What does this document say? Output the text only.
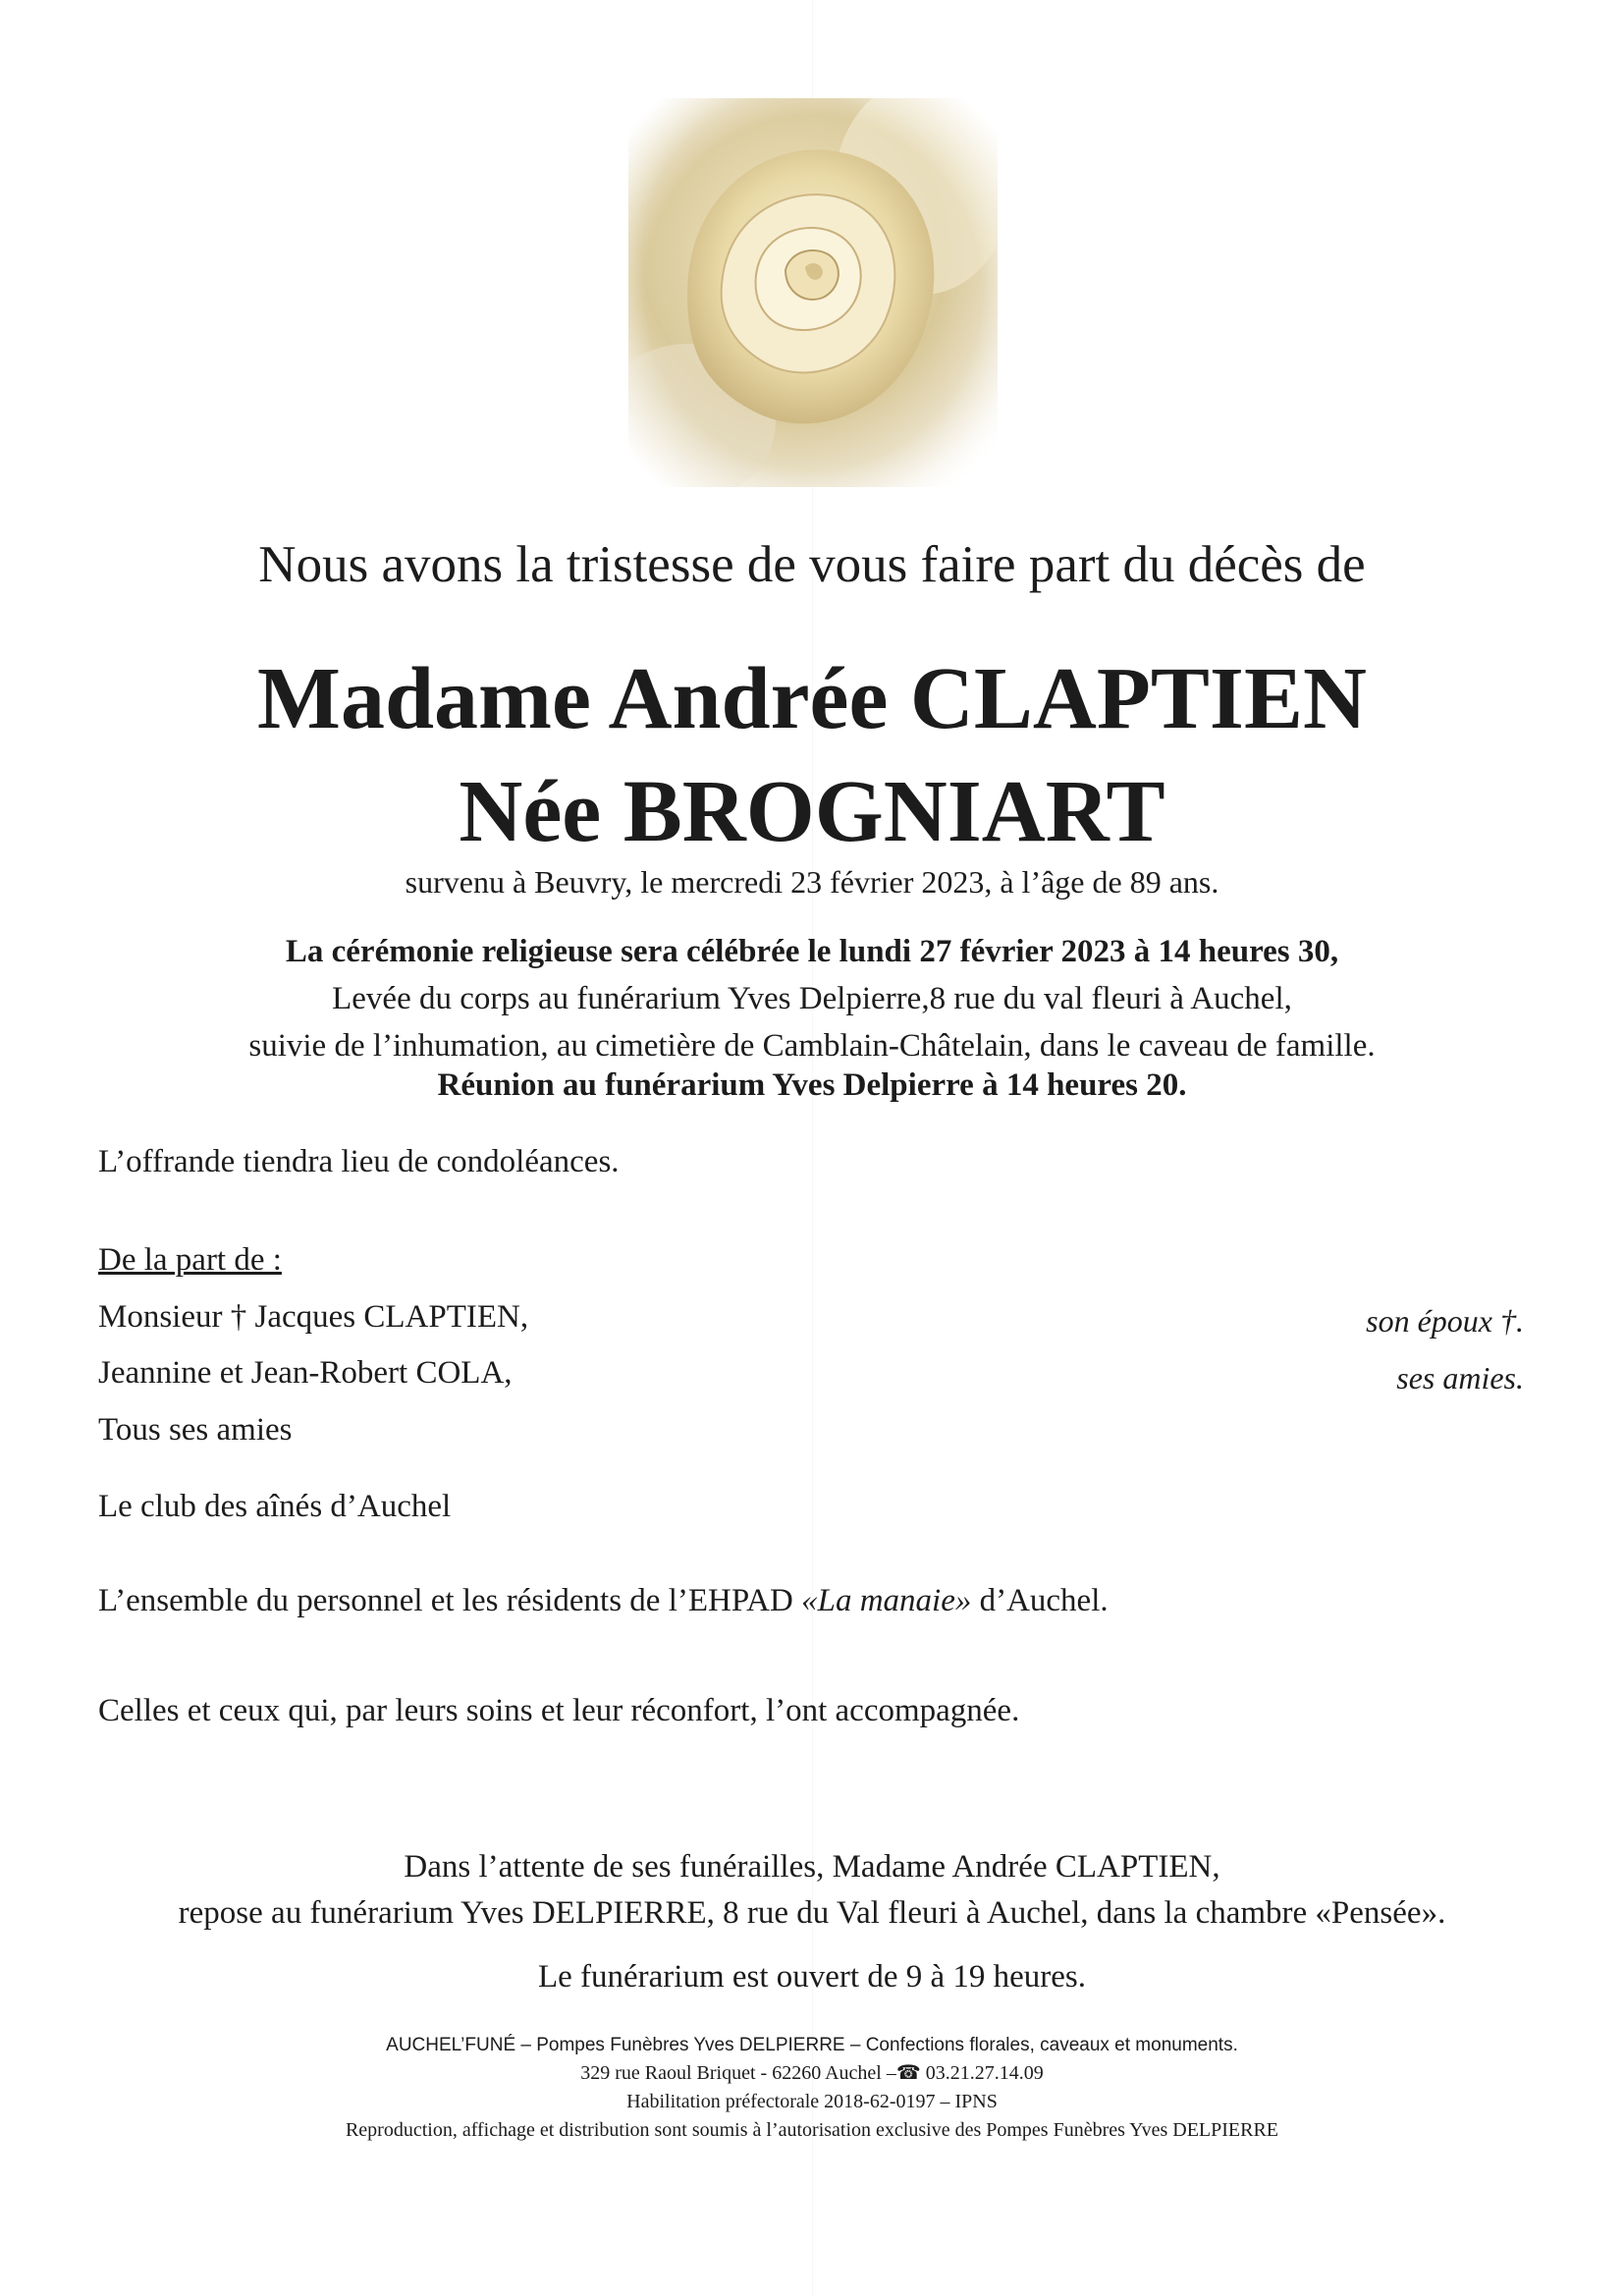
Nous avons la tristesse de vous faire part du décès de
Madame Andrée CLAPTIEN
Née BROGNIART
survenu à Beuvry, le mercredi 23 février 2023, à l’âge de 89 ans.
La cérémonie religieuse sera célébrée le lundi 27 février 2023 à 14 heures 30,
Levée du corps au funérarium Yves Delpierre,8 rue du val fleuri à Auchel,
suivie de l’inhumation, au cimetière de Camblain-Châtelain, dans le caveau de famille.
Réunion au funérarium Yves Delpierre à 14 heures 20.
L’offrande tiendra lieu de condoléances.
De la part de :
Monsieur † Jacques CLAPTIEN,	son époux †.
Jeannine et Jean-Robert COLA,	ses amies.
Tous ses amies
Le club des aînés d’Auchel
L’ensemble du personnel et les résidents de l’EHPAD «La manaie» d’Auchel.
Celles et ceux qui, par leurs soins et leur réconfort, l’ont accompagnée.
Dans l’attente de ses funérailles, Madame Andrée CLAPTIEN,
repose au funérarium Yves DELPIERRE, 8 rue du Val fleuri à Auchel, dans la chambre «Pensée».
Le funérarium est ouvert de 9 à 19 heures.
AUCHEL’FUNÉ – Pompes Funèbres Yves DELPIERRE – Confections florales, caveaux et monuments.
329 rue Raoul Briquet - 62260 Auchel –☎ 03.21.27.14.09
Habilitation préfectorale 2018-62-0197 – IPNS
Reproduction, affichage et distribution sont soumis à l’autorisation exclusive des Pompes Funèbres Yves DELPIERRE
